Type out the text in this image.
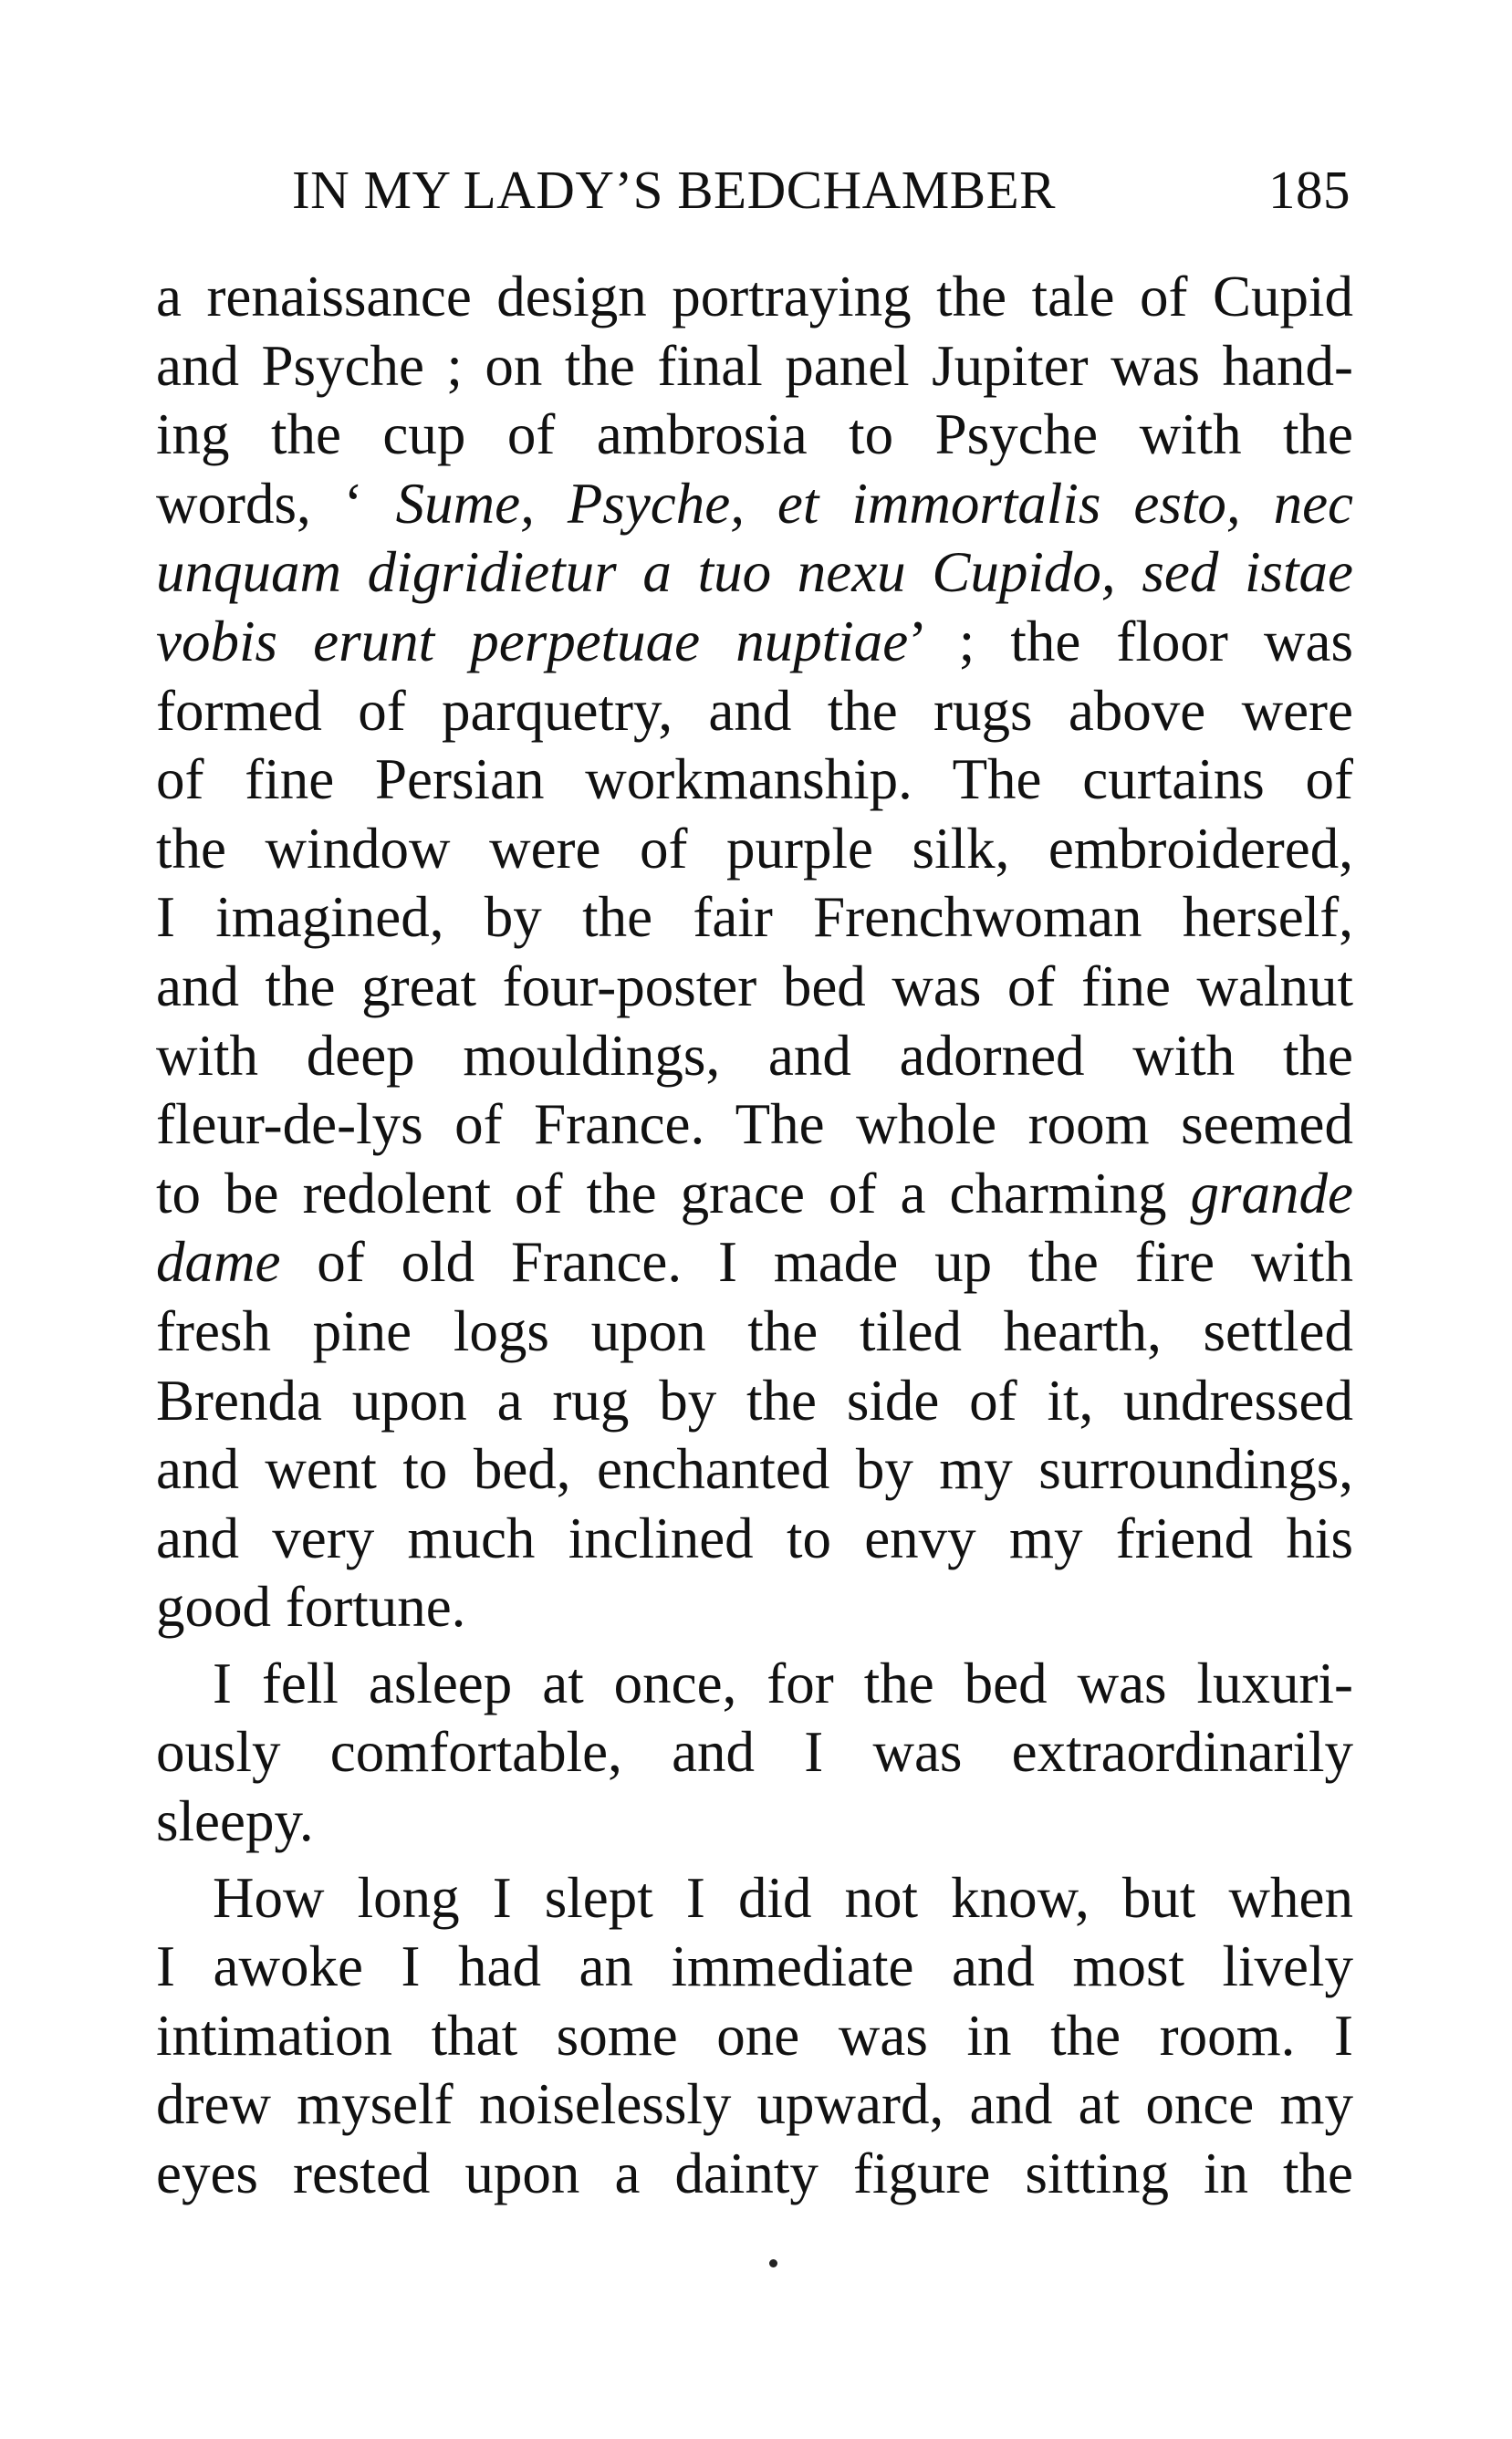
IN MY LADY’S BEDCHAMBER	185
a renaissance design portraying the tale of Cupid
and Psyche ; on the final panel Jupiter was hand-
ing the cup of ambrosia to Psyche with the
words, ‘ Sume, Psyche, et immortalis esto, nec
unquam digridietur a tuo nexu Cupido, sed istae
vobis erunt perpetuae nuptiae’ ; the floor was
formed of parquetry, and the rugs above were
of fine Persian workmanship. The curtains of
the window were of purple silk, embroidered,
I imagined, by the fair Frenchwoman herself,
and the great four-poster bed was of fine walnut
with deep mouldings, and adorned with the
fleur-de-lys of France. The whole room seemed
to be redolent of the grace of a charming grande
dame of old France. I made up the fire with
fresh pine logs upon the tiled hearth, settled
Brenda upon a rug by the side of it, undressed
and went to bed, enchanted by my surroundings,
and very much inclined to envy my friend his
good fortune.
I fell asleep at once, for the bed was luxuri-
ously comfortable, and I was extraordinarily
sleepy.
How long I slept I did not know, but when
I awoke I had an immediate and most lively
intimation that some one was in the room. I
drew myself noiselessly upward, and at once my
eyes rested upon a dainty figure sitting in the
